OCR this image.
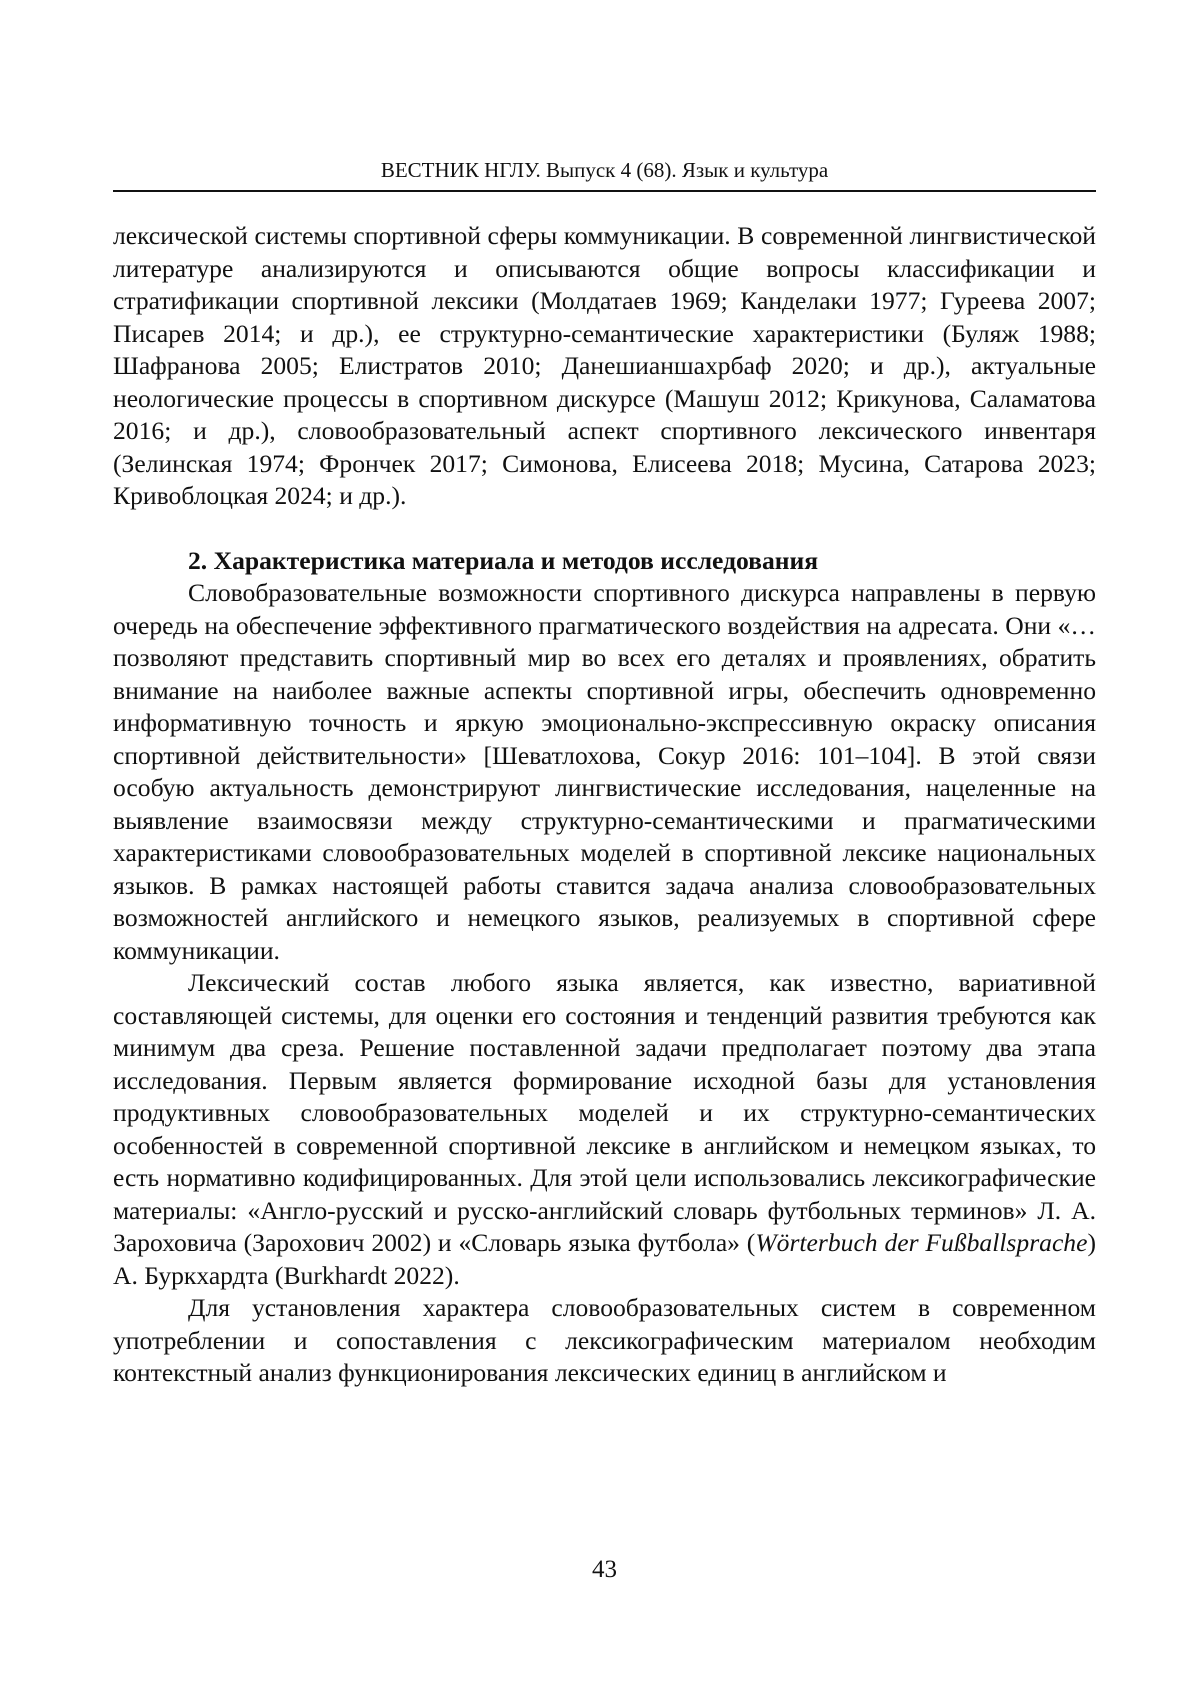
ВЕСТНИК НГЛУ. Выпуск 4 (68). Язык и культура

лексической системы спортивной сферы коммуникации. В современной лингвистической литературе анализируются и описываются общие вопросы классификации и стратификации спортивной лексики (Молдатаев 1969; Канделаки 1977; Гуреева 2007; Писарев 2014; и др.), ее структурно-семантические характеристики (Буляж 1988; Шафранова 2005; Елистратов 2010; Данешианшахрбаф 2020; и др.), актуальные неологические процессы в спортивном дискурсе (Машуш 2012; Крикунова, Саламатова 2016; и др.), словообразовательный аспект спортивного лексического инвентаря (Зелинская 1974; Фрончек 2017; Симонова, Елисеева 2018; Мусина, Сатарова 2023; Кривоблоцкая 2024; и др.).

2. Характеристика материала и методов исследования

Словобразовательные возможности спортивного дискурса направлены в первую очередь на обеспечение эффективного прагматического воздействия на адресата. Они «… позволяют представить спортивный мир во всех его деталях и проявлениях, обратить внимание на наиболее важные аспекты спортивной игры, обеспечить одновременно информативную точность и яркую эмоционально-экспрессивную окраску описания спортивной действительности» [Шеватлохова, Сокур 2016: 101–104]. В этой связи особую актуальность демонстрируют лингвистические исследования, нацеленные на выявление взаимосвязи между структурно-семантическими и прагматическими характеристиками словообразовательных моделей в спортивной лексике национальных языков. В рамках настоящей работы ставится задача анализа словообразовательных возможностей английского и немецкого языков, реализуемых в спортивной сфере коммуникации.

Лексический состав любого языка является, как известно, вариативной составляющей системы, для оценки его состояния и тенденций развития требуются как минимум два среза. Решение поставленной задачи предполагает поэтому два этапа исследования. Первым является формирование исходной базы для установления продуктивных словообразовательных моделей и их структурно-семантических особенностей в современной спортивной лексике в английском и немецком языках, то есть нормативно кодифицированных. Для этой цели использовались лексикографические материалы: «Англо-русский и русско-английский словарь футбольных терминов» Л. А. Зароховича (Зарохович 2002) и «Словарь языка футбола» (Wörterbuch der Fußballsprache) А. Буркхардта (Burkhardt 2022).

Для установления характера словообразовательных систем в современном употреблении и сопоставления с лексикографическим материалом необходим контекстный анализ функционирования лексических единиц в английском и

43
